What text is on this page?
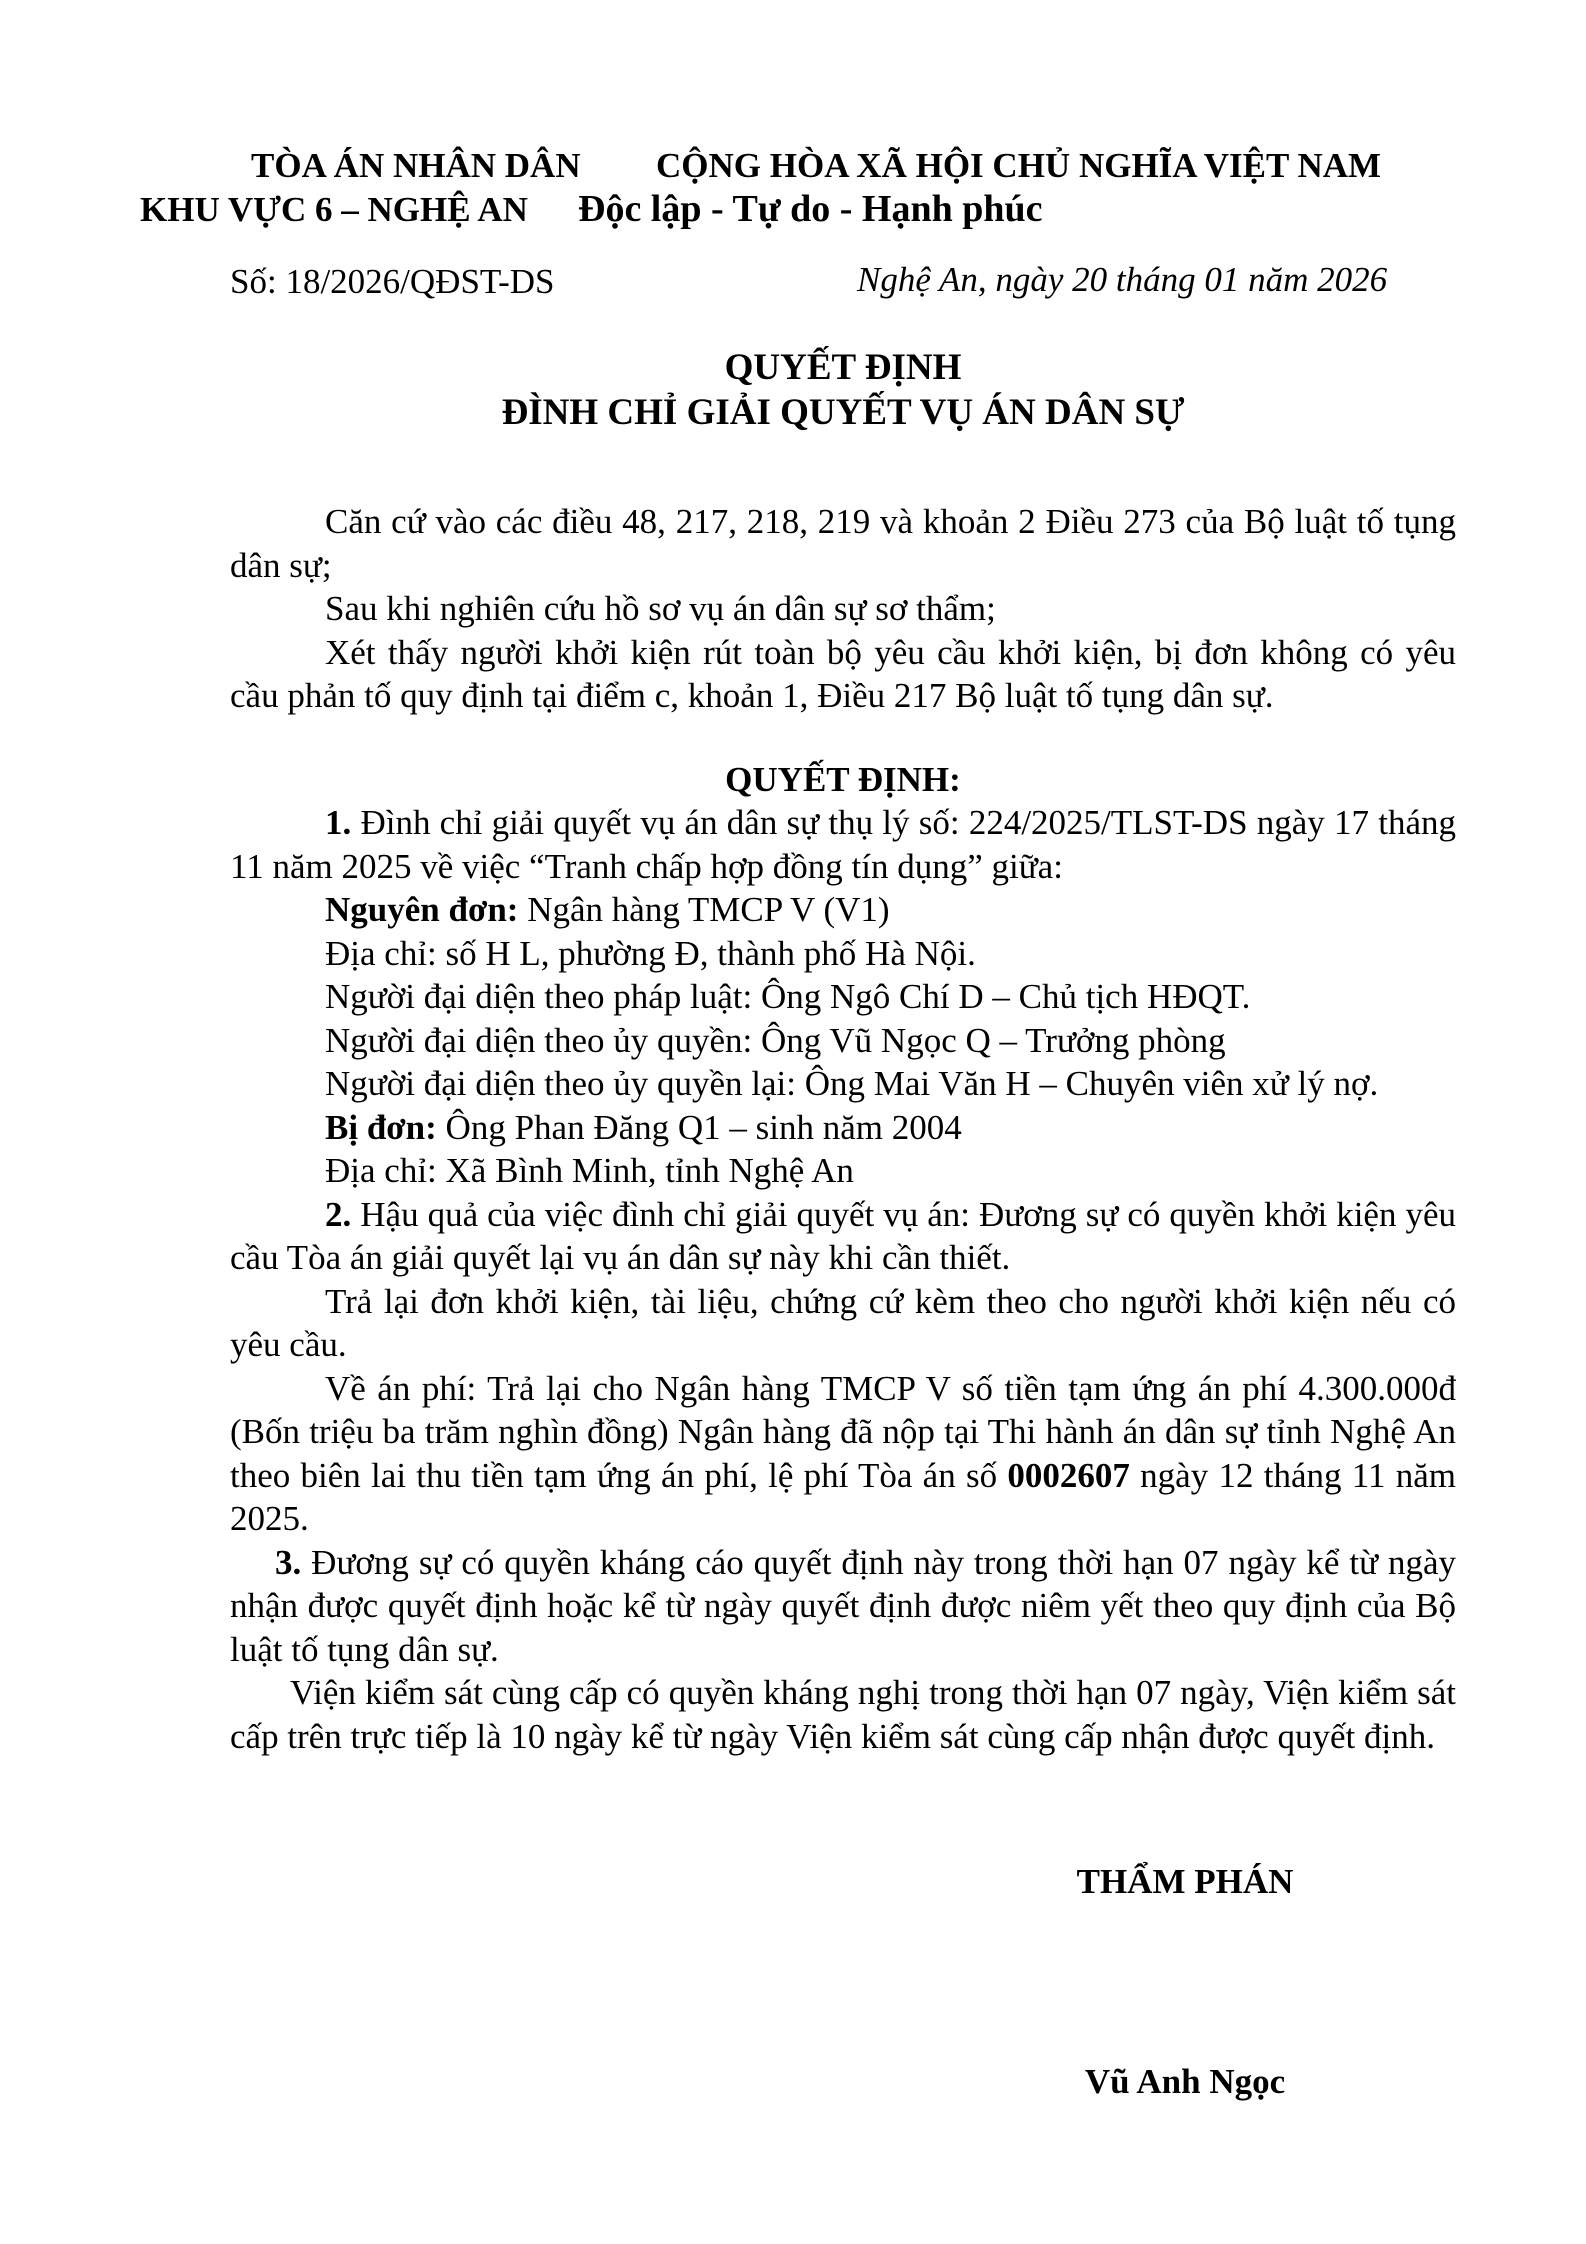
TÒA ÁN NHÂN DÂN
KHU VỰC 6 – NGHỆ AN
CỘNG HÒA XÃ HỘI CHỦ NGHĨA VIỆT NAM
Độc lập - Tự do - Hạnh phúc
Số: 18/2026/QĐST-DS	Nghệ An, ngày 20 tháng 01 năm 2026
QUYẾT ĐỊNH
ĐÌNH CHỈ GIẢI QUYẾT VỤ ÁN DÂN SỰ

Căn cứ vào các điều 48, 217, 218, 219 và khoản 2 Điều 273 của Bộ luật tố tụng dân sự;

Sau khi nghiên cứu hồ sơ vụ án dân sự sơ thẩm;

Xét thấy người khởi kiện rút toàn bộ yêu cầu khởi kiện, bị đơn không có yêu cầu phản tố quy định tại điểm c, khoản 1, Điều 217 Bộ luật tố tụng dân sự.

QUYẾT ĐỊNH:

1. Đình chỉ giải quyết vụ án dân sự thụ lý số: 224/2025/TLST-DS ngày 17 tháng 11 năm 2025 về việc “Tranh chấp hợp đồng tín dụng” giữa:

Nguyên đơn: Ngân hàng TMCP V (V1)

Địa chỉ: số H L, phường Đ, thành phố Hà Nội.

Người đại diện theo pháp luật: Ông Ngô Chí D – Chủ tịch HĐQT.

Người đại diện theo ủy quyền: Ông Vũ Ngọc Q – Trưởng phòng

Người đại diện theo ủy quyền lại: Ông Mai Văn H – Chuyên viên xử lý nợ.

Bị đơn: Ông Phan Đăng Q1 – sinh năm 2004

Địa chỉ: Xã Bình Minh, tỉnh Nghệ An

2. Hậu quả của việc đình chỉ giải quyết vụ án: Đương sự có quyền khởi kiện yêu cầu Tòa án giải quyết lại vụ án dân sự này khi cần thiết.

Trả lại đơn khởi kiện, tài liệu, chứng cứ kèm theo cho người khởi kiện nếu có yêu cầu.

Về án phí: Trả lại cho Ngân hàng TMCP V số tiền tạm ứng án phí 4.300.000đ (Bốn triệu ba trăm nghìn đồng) Ngân hàng đã nộp tại Thi hành án dân sự tỉnh Nghệ An theo biên lai thu tiền tạm ứng án phí, lệ phí Tòa án số 0002607 ngày 12 tháng 11 năm 2025.

3. Đương sự có quyền kháng cáo quyết định này trong thời hạn 07 ngày kể từ ngày nhận được quyết định hoặc kể từ ngày quyết định được niêm yết theo quy định của Bộ luật tố tụng dân sự.

Viện kiểm sát cùng cấp có quyền kháng nghị trong thời hạn 07 ngày, Viện kiểm sát cấp trên trực tiếp là 10 ngày kể từ ngày Viện kiểm sát cùng cấp nhận được quyết định.

THẨM PHÁN
Vũ Anh Ngọc
